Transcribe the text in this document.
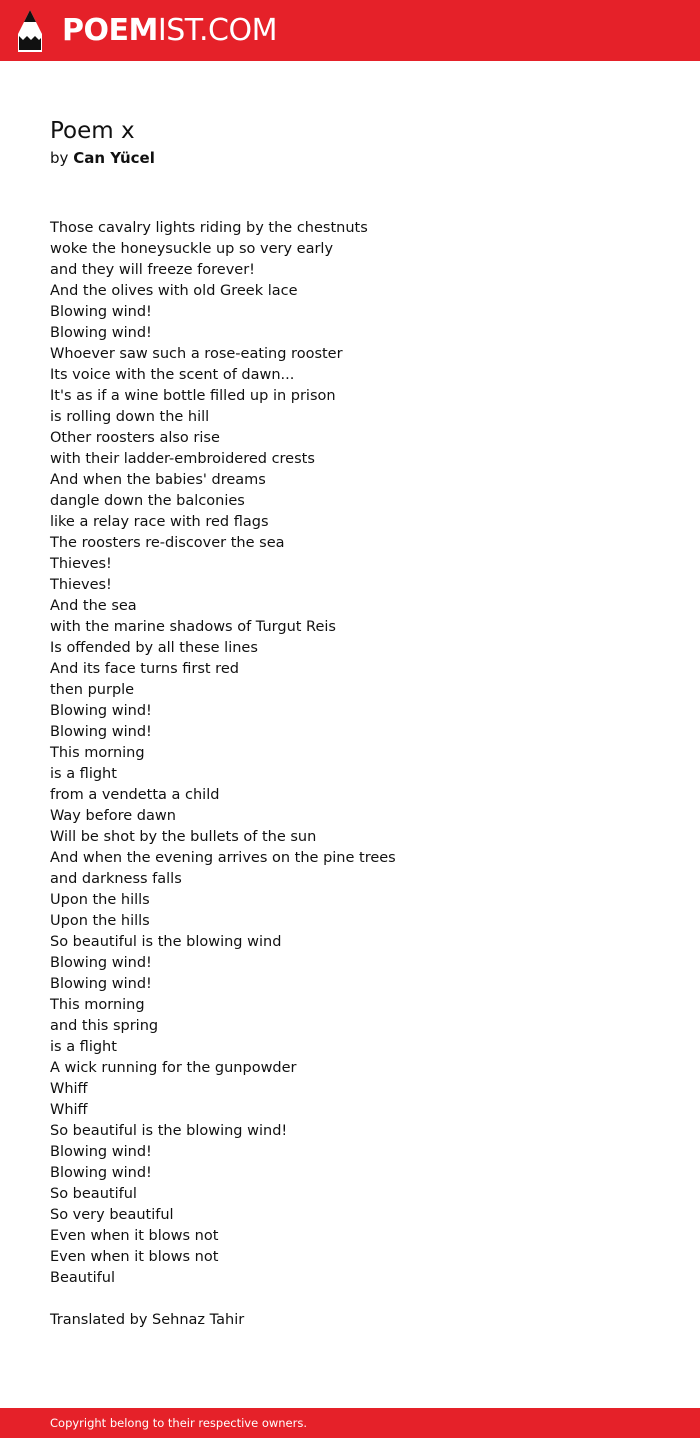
POEMIST.COM
Poem x
by Can Yücel
Those cavalry lights riding by the chestnuts
woke the honeysuckle up so very early
and they will freeze forever!
And the olives with old Greek lace
Blowing wind!
Blowing wind!
Whoever saw such a rose-eating rooster
Its voice with the scent of dawn...
It's as if a wine bottle filled up in prison
is rolling down the hill
Other roosters also rise
with their ladder-embroidered crests
And when the babies' dreams
dangle down the balconies
like a relay race with red flags
The roosters re-discover the sea
Thieves!
Thieves!
And the sea
with the marine shadows of Turgut Reis
Is offended by all these lines
And its face turns first red
then purple
Blowing wind!
Blowing wind!
This morning
is a flight
from a vendetta a child
Way before dawn
Will be shot by the bullets of the sun
And when the evening arrives on the pine trees
and darkness falls
Upon the hills
Upon the hills
So beautiful is the blowing wind
Blowing wind!
Blowing wind!
This morning
and this spring
is a flight
A wick running for the gunpowder
Whiff
Whiff
So beautiful is the blowing wind!
Blowing wind!
Blowing wind!
So beautiful
So very beautiful
Even when it blows not
Even when it blows not
Beautiful
Translated by Sehnaz Tahir
Copyright belong to their respective owners.
